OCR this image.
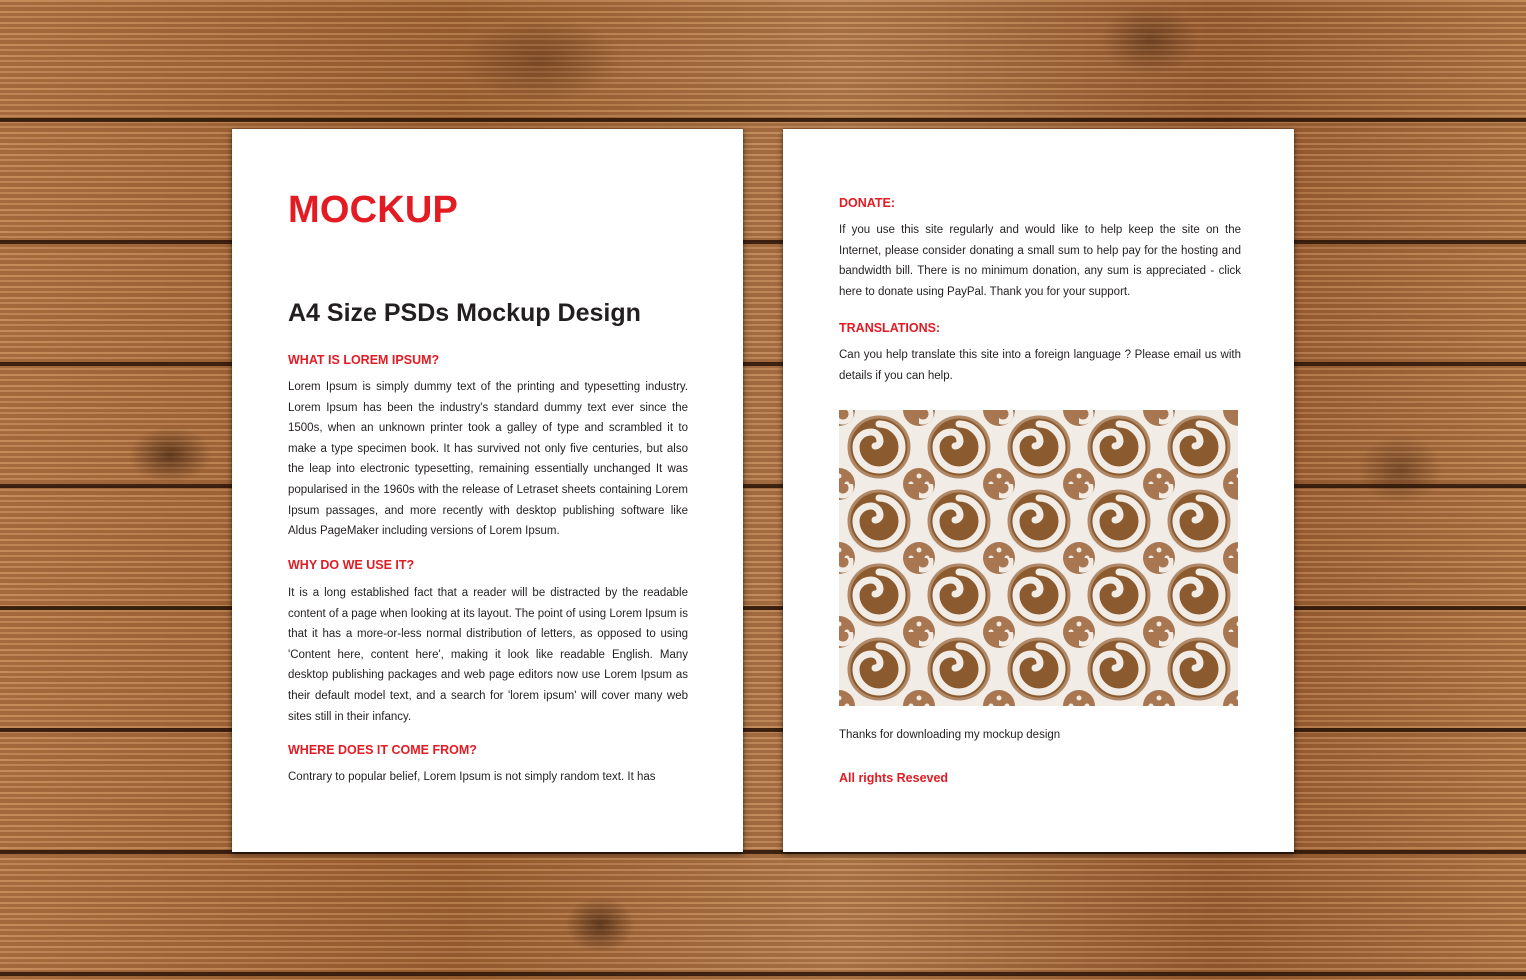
MOCKUP
A4 Size PSDs Mockup Design
WHAT IS LOREM IPSUM?
Lorem Ipsum is simply dummy text of the printing and typesetting industry. Lorem Ipsum has been the industry's standard dummy text ever since the 1500s, when an unknown printer took a galley of type and scrambled it to make a type specimen book. It has survived not only five centuries, but also the leap into electronic typesetting, remaining essentially unchanged It was popularised in the 1960s with the release of Letraset sheets containing Lorem Ipsum passages, and more recently with desktop publishing software like Aldus PageMaker including versions of Lorem Ipsum.
WHY DO WE USE IT?
It is a long established fact that a reader will be distracted by the readable content of a page when looking at its layout. The point of using Lorem Ipsum is that it has a more-or-less normal distribution of letters, as opposed to using 'Content here, content here', making it look like readable English. Many desktop publishing packages and web page editors now use Lorem Ipsum as their default model text, and a search for 'lorem ipsum' will cover many web sites still in their infancy.
WHERE DOES IT COME FROM?
Contrary to popular belief, Lorem Ipsum is not simply random text. It has
DONATE:
If you use this site regularly and would like to help keep the site on the Internet, please consider donating a small sum to help pay for the hosting and bandwidth bill. There is no minimum donation, any sum is appreciated - click here to donate using PayPal. Thank you for your support.
TRANSLATIONS:
Can you help translate this site into a foreign language ? Please email us with details if you can help.
Thanks for downloading my mockup design
All rights Reseved
